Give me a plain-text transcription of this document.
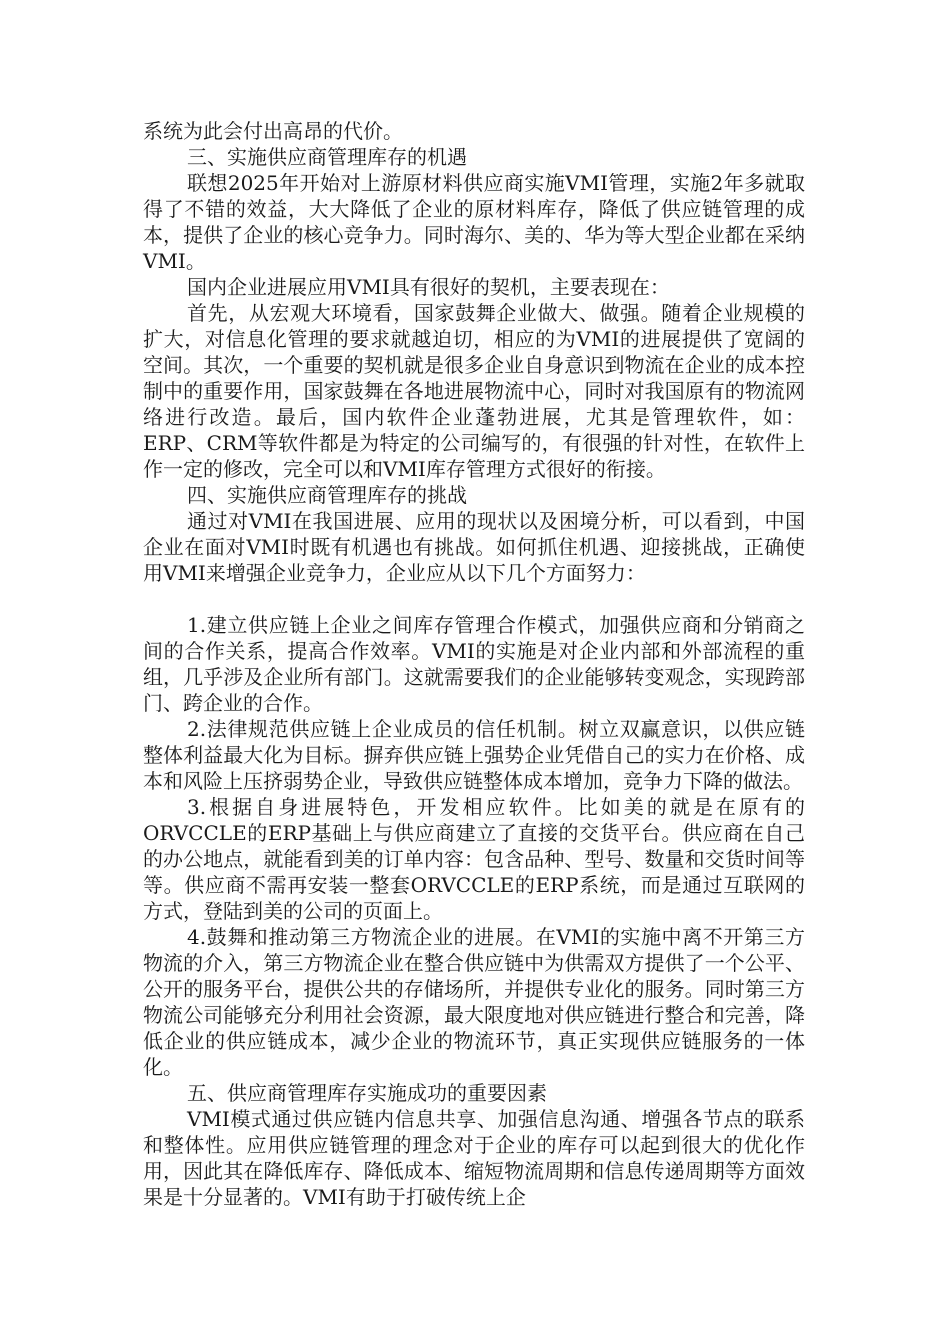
系统为此会付出高昂的代价。

三、实施供应商管理库存的机遇

联想2025年开始对上游原材料供应商实施VMI管理，实施2年多就取得了不错的效益，大大降低了企业的原材料库存，降低了供应链管理的成本，提供了企业的核心竞争力。同时海尔、美的、华为等大型企业都在采纳VMI。

国内企业进展应用VMI具有很好的契机，主要表现在：

首先，从宏观大环境看，国家鼓舞企业做大、做强。随着企业规模的扩大，对信息化管理的要求就越迫切，相应的为VMI的进展提供了宽阔的空间。其次，一个重要的契机就是很多企业自身意识到物流在企业的成本控制中的重要作用，国家鼓舞在各地进展物流中心，同时对我国原有的物流网络进行改造。最后，国内软件企业蓬勃进展，尤其是管理软件，如：ERP、CRM等软件都是为特定的公司编写的，有很强的针对性，在软件上作一定的修改，完全可以和VMI库存管理方式很好的衔接。

四、实施供应商管理库存的挑战

通过对VMI在我国进展、应用的现状以及困境分析，可以看到，中国企业在面对VMI时既有机遇也有挑战。如何抓住机遇、迎接挑战，正确使用VMI来增强企业竞争力，企业应从以下几个方面努力：

1.建立供应链上企业之间库存管理合作模式，加强供应商和分销商之间的合作关系，提高合作效率。VMI的实施是对企业内部和外部流程的重组，几乎涉及企业所有部门。这就需要我们的企业能够转变观念，实现跨部门、跨企业的合作。

2.法律规范供应链上企业成员的信任机制。树立双赢意识，以供应链整体利益最大化为目标。摒弃供应链上强势企业凭借自己的实力在价格、成本和风险上压挤弱势企业，导致供应链整体成本增加，竞争力下降的做法。

3.根据自身进展特色，开发相应软件。比如美的就是在原有的ORVCCLE的ERP基础上与供应商建立了直接的交货平台。供应商在自己的办公地点，就能看到美的订单内容：包含品种、型号、数量和交货时间等等。供应商不需再安装一整套ORVCCLE的ERP系统，而是通过互联网的方式，登陆到美的公司的页面上。

4.鼓舞和推动第三方物流企业的进展。在VMI的实施中离不开第三方物流的介入，第三方物流企业在整合供应链中为供需双方提供了一个公平、公开的服务平台，提供公共的存储场所，并提供专业化的服务。同时第三方物流公司能够充分利用社会资源，最大限度地对供应链进行整合和完善，降低企业的供应链成本，减少企业的物流环节，真正实现供应链服务的一体化。

五、供应商管理库存实施成功的重要因素

VMI模式通过供应链内信息共享、加强信息沟通、增强各节点的联系和整体性。应用供应链管理的理念对于企业的库存可以起到很大的优化作用，因此其在降低库存、降低成本、缩短物流周期和信息传递周期等方面效果是十分显著的。VMI有助于打破传统上企
